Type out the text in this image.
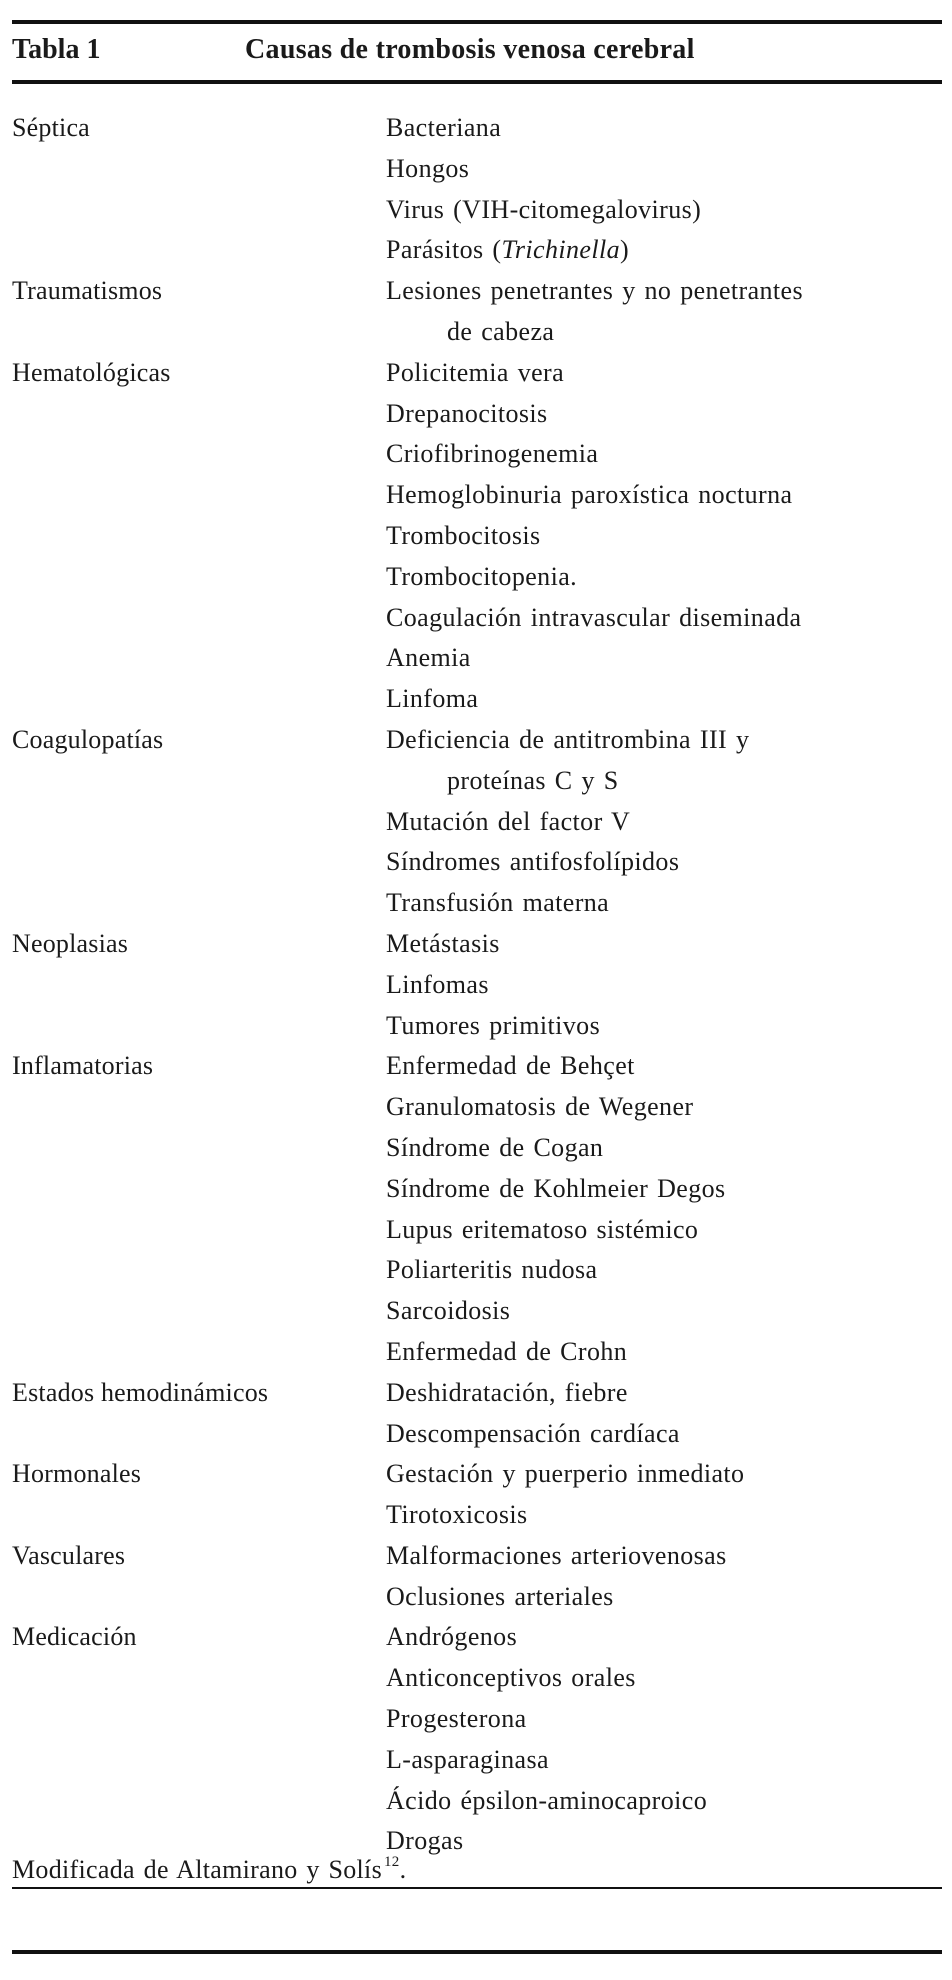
Tabla 1	Causas de trombosis venosa cerebral
Séptica	Bacteriana
Hongos
Virus (VIH-citomegalovirus)
Parásitos (Trichinella)
Traumatismos	Lesiones penetrantes y no penetrantes
de cabeza
Hematológicas	Policitemia vera
Drepanocitosis
Criofibrinogenemia
Hemoglobinuria paroxística nocturna
Trombocitosis
Trombocitopenia.
Coagulación intravascular diseminada
Anemia
Linfoma
Coagulopatías	Deficiencia de antitrombina III y
proteínas C y S
Mutación del factor V
Síndromes antifosfolípidos
Transfusión materna
Neoplasias	Metástasis
Linfomas
Tumores primitivos
Inflamatorias	Enfermedad de Behçet
Granulomatosis de Wegener
Síndrome de Cogan
Síndrome de Kohlmeier Degos
Lupus eritematoso sistémico
Poliarteritis nudosa
Sarcoidosis
Enfermedad de Crohn
Estados hemodinámicos	Deshidratación, fiebre
Descompensación cardíaca
Hormonales	Gestación y puerperio inmediato
Tirotoxicosis
Vasculares	Malformaciones arteriovenosas
Oclusiones arteriales
Medicación	Andrógenos
Anticonceptivos orales
Progesterona
L-asparaginasa
Ácido épsilon-aminocaproico
Drogas
Modificada de Altamirano y Solís $^{12}$.
